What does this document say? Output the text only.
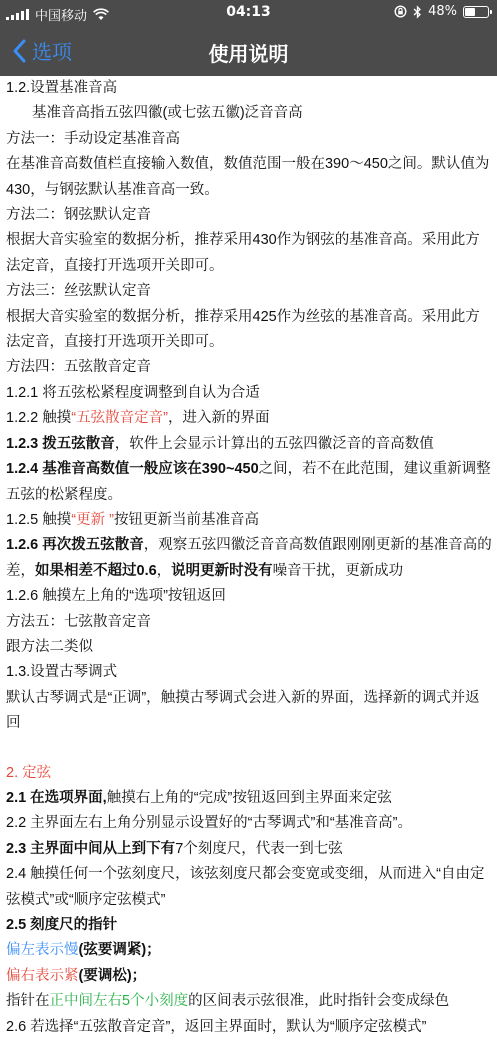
中国移动	04:13	48%
选项	使用说明

1.2.设置基准音高

基准音高指五弦四徽(或七弦五徽)泛音音高

方法一：手动设定基准音高

在基准音高数值栏直接输入数值，数值范围一般在390～450之间。默认值为430，与钢弦默认基准音高一致。

方法二：钢弦默认定音

根据大音实验室的数据分析，推荐采用430作为钢弦的基准音高。采用此方法定音，直接打开选项开关即可。

方法三：丝弦默认定音

根据大音实验室的数据分析，推荐采用425作为丝弦的基准音高。采用此方法定音，直接打开选项开关即可。

方法四：五弦散音定音

1.2.1 将五弦松紧程度调整到自认为合适

1.2.2 触摸“五弦散音定音”，进入新的界面

1.2.3 拨五弦散音，软件上会显示计算出的五弦四徽泛音的音高数值

1.2.4 基准音高数值一般应该在390~450之间，若不在此范围，建议重新调整五弦的松紧程度。

1.2.5 触摸“更新 ”按钮更新当前基准音高

1.2.6 再次拨五弦散音，观察五弦四徽泛音音高数值跟刚刚更新的基准音高的差，如果相差不超过0.6，说明更新时没有噪音干扰，更新成功

1.2.6 触摸左上角的“选项”按钮返回

方法五：七弦散音定音

跟方法二类似

1.3.设置古琴调式

默认古琴调式是“正调”，触摸古琴调式会进入新的界面，选择新的调式并返回

2. 定弦

2.1 在选项界面,触摸右上角的“完成”按钮返回到主界面来定弦

2.2 主界面左右上角分别显示设置好的“古琴调式”和“基准音高”。

2.3 主界面中间从上到下有7个刻度尺，代表一到七弦

2.4 触摸任何一个弦刻度尺，该弦刻度尺都会变宽或变细，从而进入“自由定弦模式”或“顺序定弦模式”

2.5 刻度尺的指针

偏左表示慢(弦要调紧)；

偏右表示紧(要调松)；

指针在正中间左右5个小刻度的区间表示弦很准，此时指针会变成绿色

2.6 若选择“五弦散音定音”，返回主界面时，默认为“顺序定弦模式”
